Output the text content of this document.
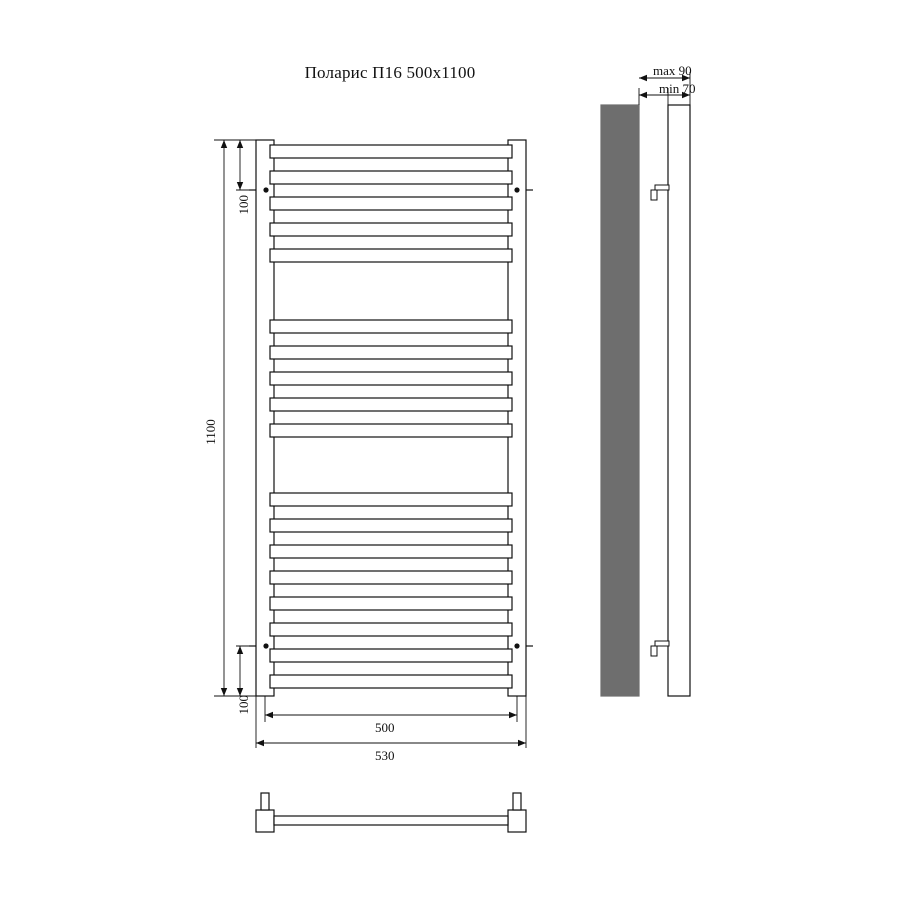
Поларис П16 500x1100
100
100
1100
500
530
max 90
min 70
